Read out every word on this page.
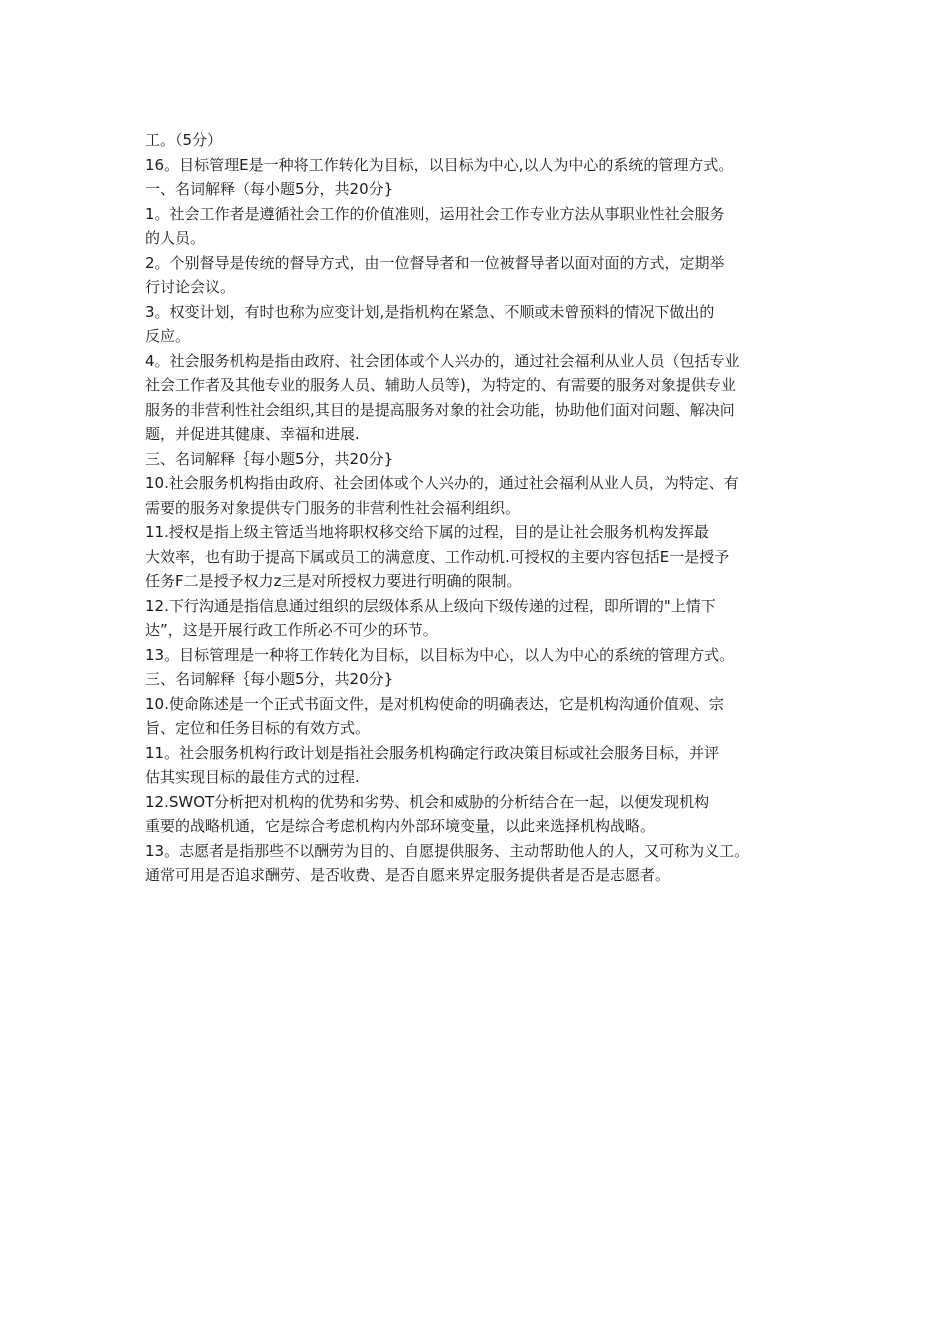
工。（5分）
16。目标管理E是一种将工作转化为目标，以目标为中心,以人为中心的系统的管理方式。
一、名词解释（每小题5分，共20分}
1。社会工作者是遵循社会工作的价值准则，运用社会工作专业方法从事职业性社会服务
的人员。
2。个别督导是传统的督导方式，由一位督导者和一位被督导者以面对面的方式，定期举
行讨论会议。
3。权变计划，有时也称为应变计划,是指机构在紧急、不顺或未曾预料的情况下做出的
反应。
4。社会服务机构是指由政府、社会团体或个人兴办的，通过社会福利从业人员（包括专业
社会工作者及其他专业的服务人员、辅助人员等)，为特定的、有需要的服务对象提供专业
服务的非营利性社会组织,其目的是提高服务对象的社会功能，协助他们面对问题、解决问
题，并促进其健康、幸福和进展.
三、名词解释｛每小题5分，共20分}
10.社会服务机构指由政府、社会团体或个人兴办的，通过社会福利从业人员，为特定、有
需要的服务对象提供专门服务的非营利性社会福利组织。
11.授权是指上级主管适当地将职权移交给下属的过程，目的是让社会服务机构发挥最
大效率，也有助于提高下属或员工的满意度、工作动机.可授权的主要内容包括E一是授予
任务F二是授予权力z三是对所授权力要进行明确的限制。
12.下行沟通是指信息通过组织的层级体系从上级向下级传递的过程，即所谓的"上情下
达”，这是开展行政工作所必不可少的环节。
13。目标管理是一种将工作转化为目标，以目标为中心，以人为中心的系统的管理方式。
三、名词解释｛每小题5分，共20分}
10.使命陈述是一个正式书面文件，是对机构使命的明确表达，它是机构沟通价值观、宗
旨、定位和任务目标的有效方式。
11。社会服务机构行政计划是指社会服务机构确定行政决策目标或社会服务目标，并评
估其实现目标的最佳方式的过程.
12.SWOT分析把对机构的优势和劣势、机会和威胁的分析结合在一起，以便发现机构
重要的战略机通，它是综合考虑机构内外部环境变量，以此来选择机构战略。
13。志愿者是指那些不以酬劳为目的、自愿提供服务、主动帮助他人的人，又可称为义工。
通常可用是否追求酬劳、是否收费、是否自愿来界定服务提供者是否是志愿者。
